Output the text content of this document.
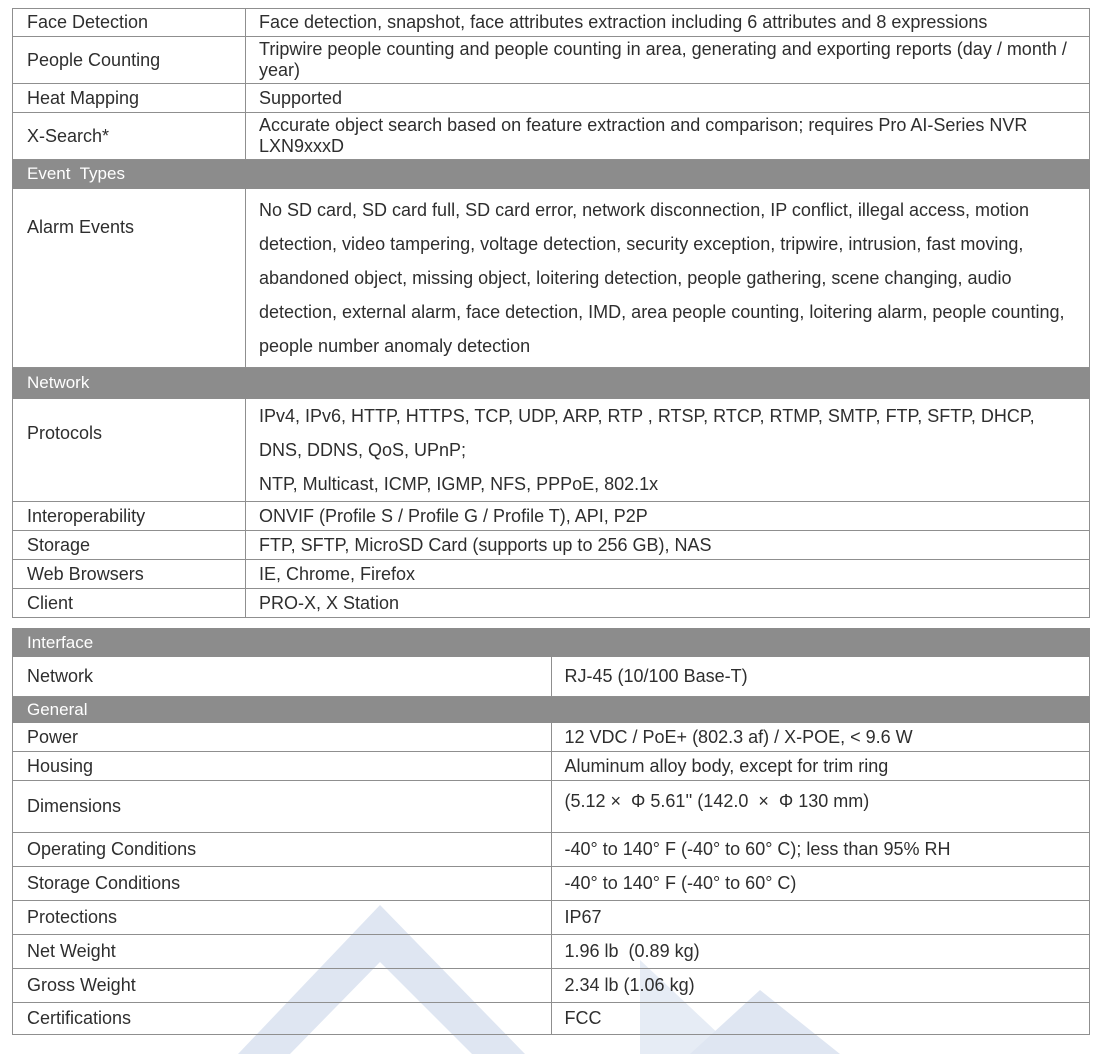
Face Detection	Face detection, snapshot, face attributes extraction including 6 attributes and 8 expressions
People Counting	Tripwire people counting and people counting in area, generating and exporting reports (day / month / year)
Heat Mapping	Supported
X-Search*	Accurate object search based on feature extraction and comparison; requires Pro AI-Series NVR LXN9xxxD
Event  Types	
Alarm Events	No SD card, SD card full, SD card error, network disconnection, IP conflict, illegal access, motion detection, video tampering, voltage detection, security exception, tripwire, intrusion, fast moving, abandoned object, missing object, loitering detection, people gathering, scene changing, audio detection, external alarm, face detection, IMD, area people counting, loitering alarm, people counting, people number anomaly detection
Network	
Protocols	IPv4, IPv6, HTTP, HTTPS, TCP, UDP, ARP, RTP , RTSP, RTCP, RTMP, SMTP, FTP, SFTP, DHCP, DNS, DDNS, QoS, UPnP;
NTP, Multicast, ICMP, IGMP, NFS, PPPoE, 802.1x
Interoperability	ONVIF (Profile S / Profile G / Profile T), API, P2P
Storage	FTP, SFTP, MicroSD Card (supports up to 256 GB), NAS
Web Browsers	IE, Chrome, Firefox
Client	PRO-X, X Station
Interface	
Network	RJ-45 (10/100 Base-T)
General	
Power	12 VDC / PoE+ (802.3 af) / X-POE, < 9.6 W
Housing	Aluminum alloy body, except for trim ring
Dimensions	(5.12 ×  Φ 5.61'' (142.0  ×  Φ 130 mm)
Operating Conditions	-40° to 140° F (-40° to 60° C); less than 95% RH
Storage Conditions	-40° to 140° F (-40° to 60° C)
Protections	IP67
Net Weight	1.96 lb  (0.89 kg)
Gross Weight	2.34 lb (1.06 kg)
Certifications	FCC
